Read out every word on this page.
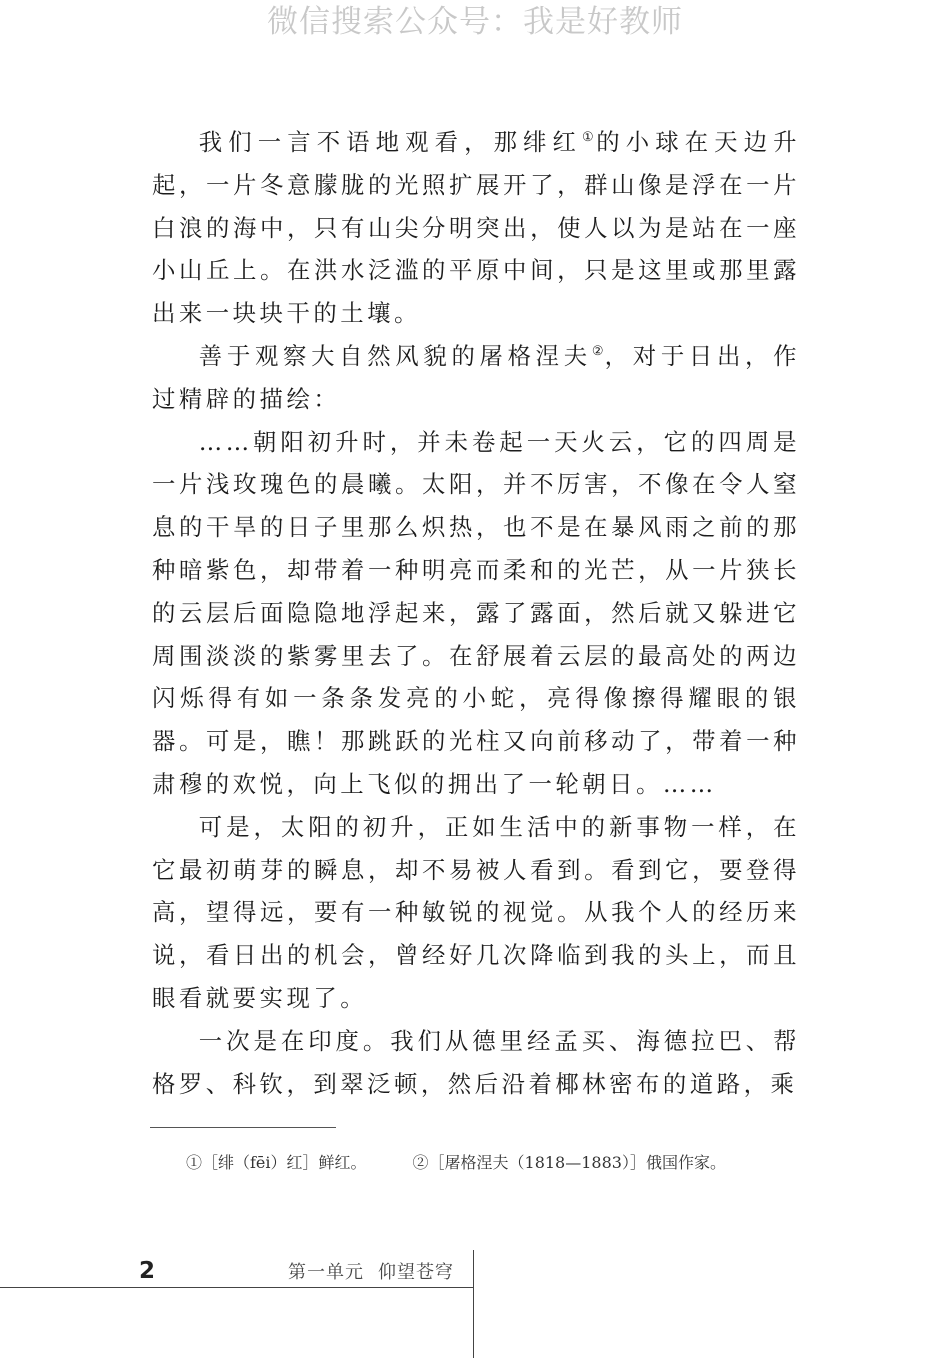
微信搜索公众号：我是好教师

我们一言不语地观看，那绯红①的小球在天边升起，一片冬意朦胧的光照扩展开了，群山像是浮在一片白浪的海中，只有山尖分明突出，使人以为是站在一座小山丘上。在洪水泛滥的平原中间，只是这里或那里露出来一块块干的土壤。

善于观察大自然风貌的屠格涅夫②，对于日出，作过精辟的描绘：

……朝阳初升时，并未卷起一天火云，它的四周是一片浅玫瑰色的晨曦。太阳，并不厉害，不像在令人窒息的干旱的日子里那么炽热，也不是在暴风雨之前的那种暗紫色，却带着一种明亮而柔和的光芒，从一片狭长的云层后面隐隐地浮起来，露了露面，然后就又躲进它周围淡淡的紫雾里去了。在舒展着云层的最高处的两边闪烁得有如一条条发亮的小蛇，亮得像擦得耀眼的银器。可是，瞧！那跳跃的光柱又向前移动了，带着一种肃穆的欢悦，向上飞似的拥出了一轮朝日。……

可是，太阳的初升，正如生活中的新事物一样，在它最初萌芽的瞬息，却不易被人看到。看到它，要登得高，望得远，要有一种敏锐的视觉。从我个人的经历来说，看日出的机会，曾经好几次降临到我的头上，而且眼看就要实现了。

一次是在印度。我们从德里经孟买、海德拉巴、帮格罗、科钦，到翠泛顿，然后沿着椰林密布的道路，乘

①［绯（fēi）红］鲜红。	②［屠格涅夫（1818—1883）］俄国作家。
2	第一单元 仰望苍穹
